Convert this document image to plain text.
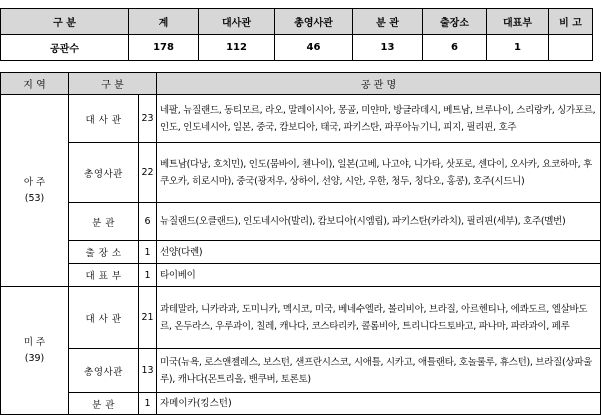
구 분	계	대사관	총영사관	분 관	출장소	대표부	비 고
공관수	178	112	46	13	6	1	
지 역	구 분		공 관 명
아 주
(53)	대 사 관	23	네팔, 뉴질랜드, 동티모르, 라오, 말레이시아, 몽골, 미얀마, 방글라데시, 베트남, 브루나이, 스리랑카, 싱가포르, 인도, 인도네시아, 일본, 중국, 캄보디아, 태국, 파키스탄, 파푸아뉴기니, 피지, 필리핀, 호주
	총영사관	22	베트남(다낭, 호치민), 인도(뭄바이, 첸나이), 일본(고베, 나고야, 니가타, 삿포로, 센다이, 오사카, 요코하마, 후쿠오카, 히로시마), 중국(광저우, 상하이, 선양, 시안, 우한, 청두, 칭다오, 홍콩), 호주(시드니)
	분 관	6	뉴질랜드(오클랜드), 인도네시아(발리), 캄보디아(시엠립), 파키스탄(카라치), 필리핀(세부), 호주(멜번)
	출 장 소	1	선양(다롄)
	대 표 부	1	타이베이
미 주
(39)	대 사 관	21	과테말라, 니카라과, 도미니카, 멕시코, 미국, 베네수엘라, 볼리비아, 브라질, 아르헨티나, 에콰도르, 엘살바도르, 온두라스, 우루과이, 칠레, 캐나다, 코스타리카, 콜롬비아, 트리니다드토바고, 파나마, 파라과이, 페루
	총영사관	13	미국(뉴욕, 로스앤젤레스, 보스턴, 샌프란시스코, 시애틀, 시카고, 애틀랜타, 호놀룰루, 휴스턴), 브라질(상파울루), 캐나다(몬트리올, 밴쿠버, 토론토)
	분 관	1	자메이카(킹스턴)
